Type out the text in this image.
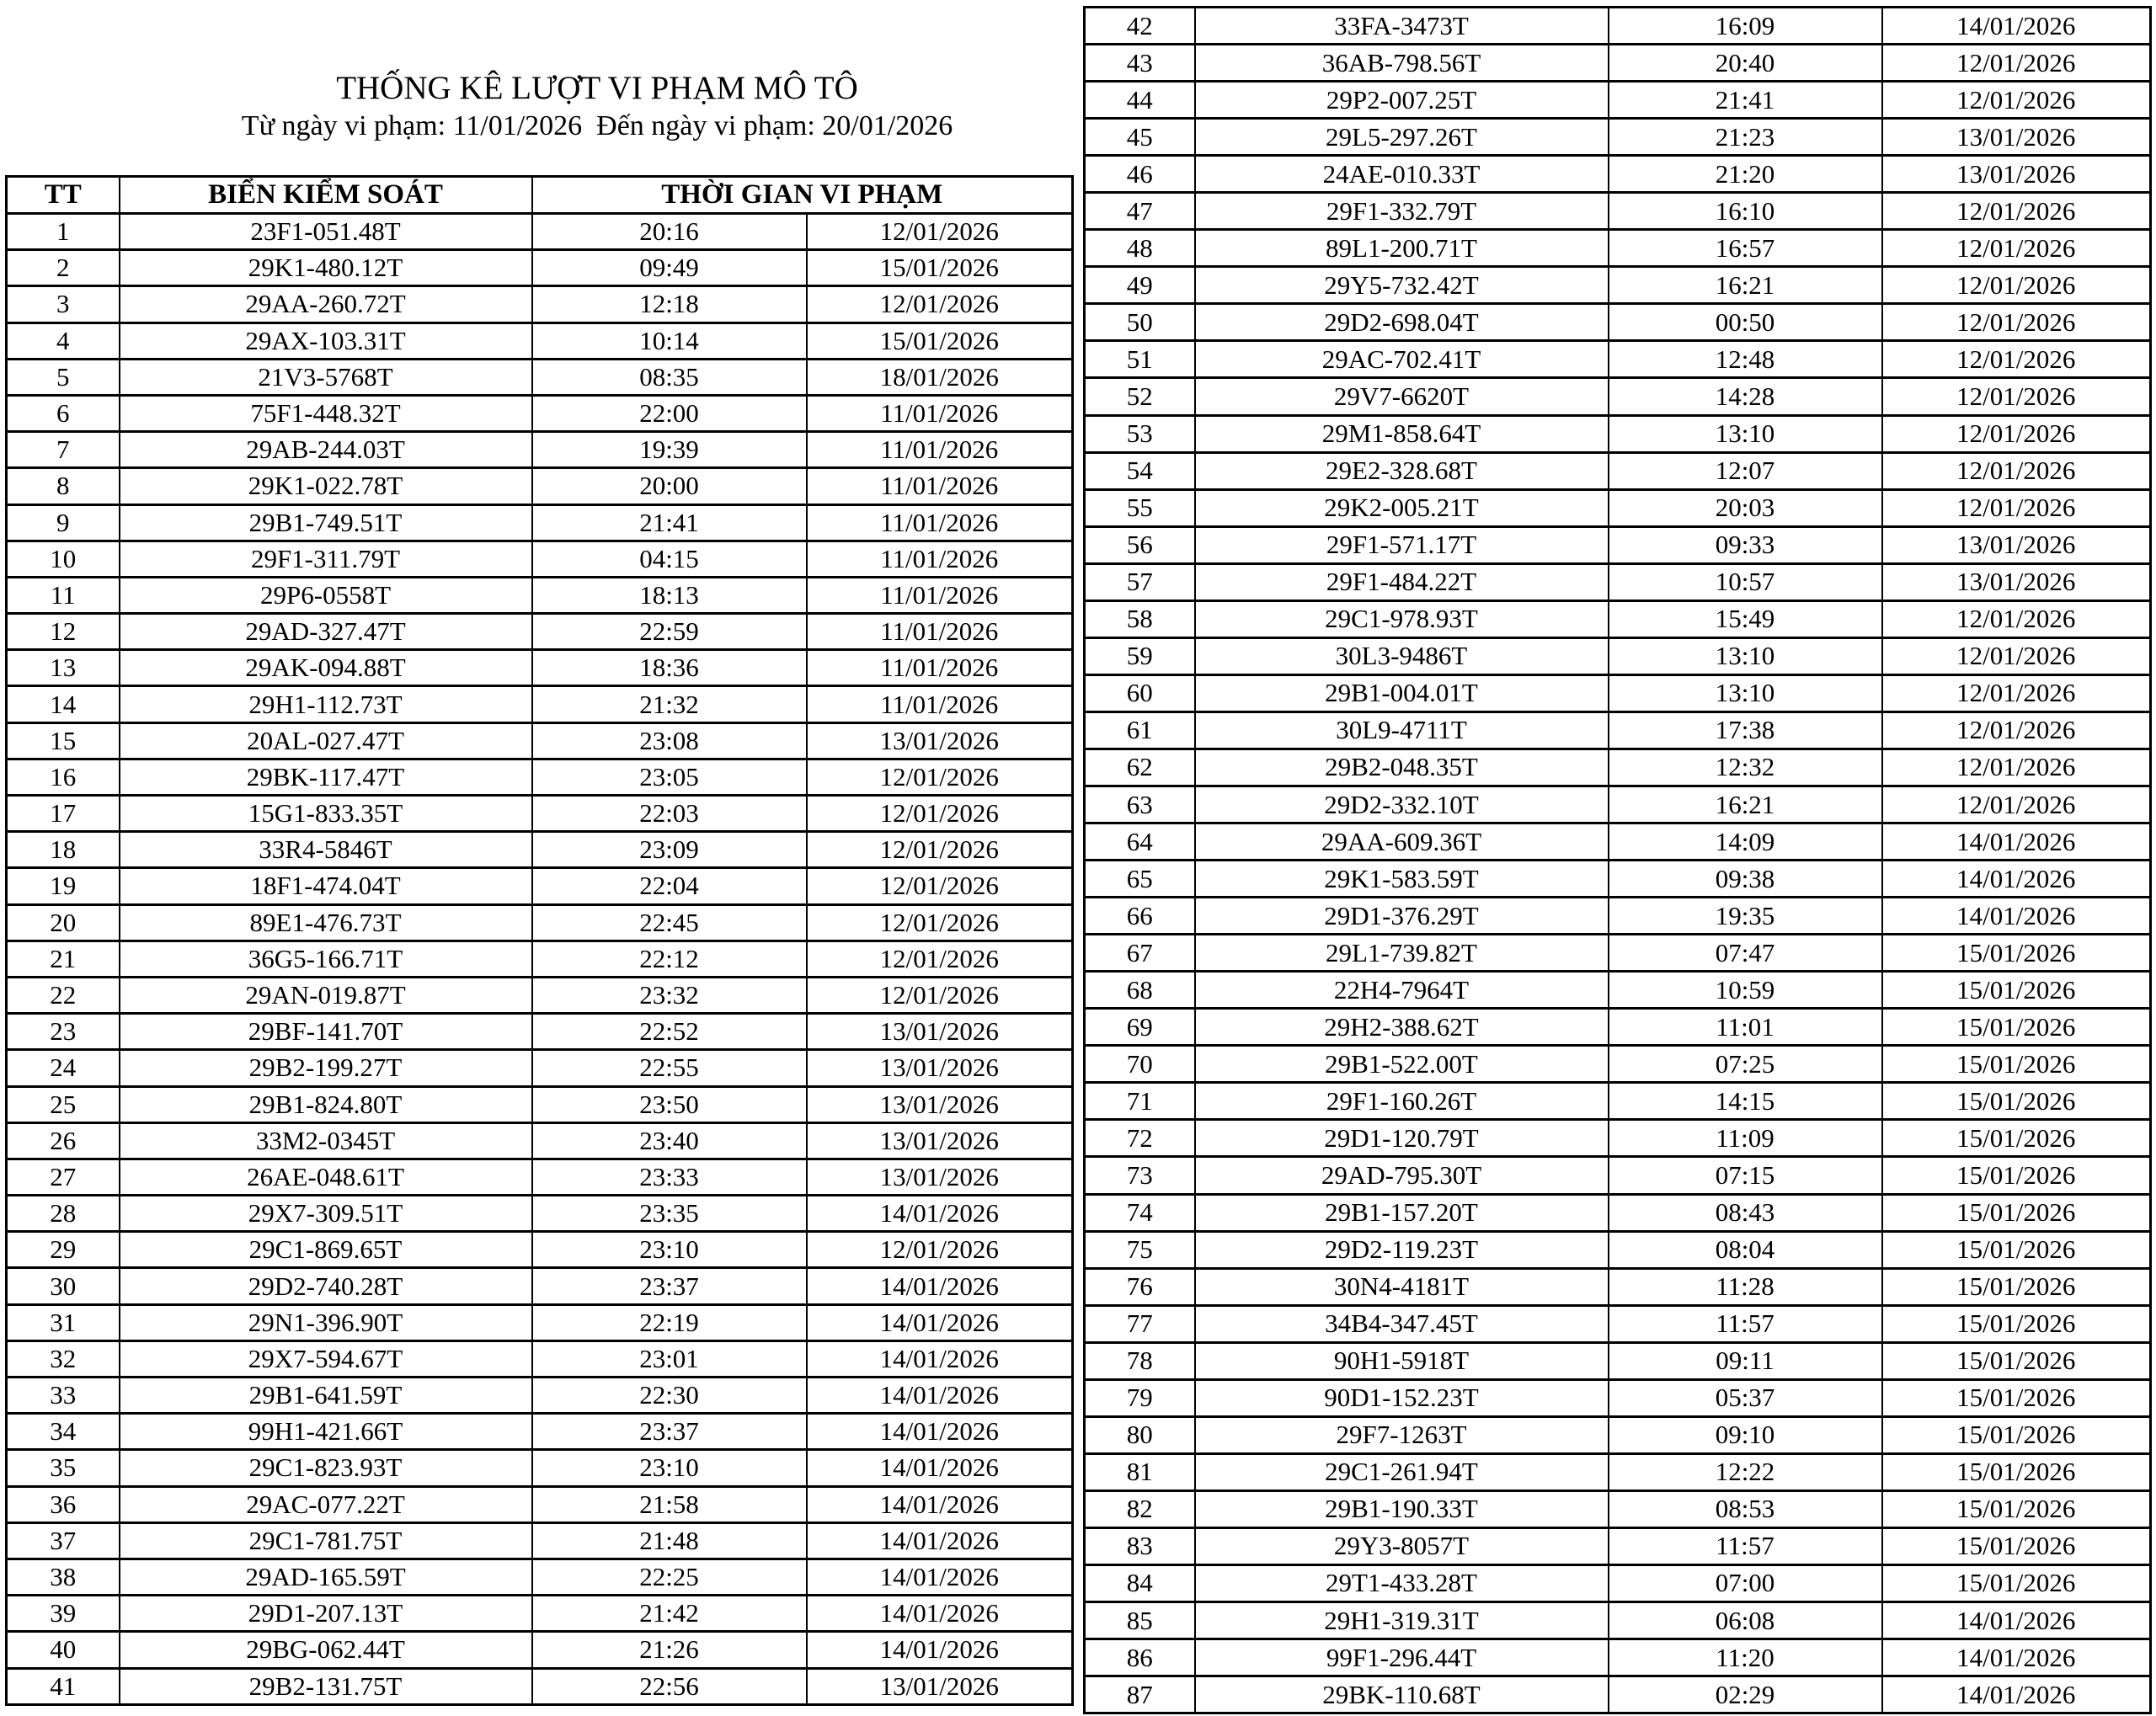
THỐNG KÊ LƯỢT VI PHẠM MÔ TÔ
Từ ngày vi phạm: 11/01/2026  Đến ngày vi phạm: 20/01/2026
TT	BIỂN KIỂM SOÁT	THỜI GIAN VI PHẠM	
1	23F1-051.48T	20:16	12/01/2026
2	29K1-480.12T	09:49	15/01/2026
3	29AA-260.72T	12:18	12/01/2026
4	29AX-103.31T	10:14	15/01/2026
5	21V3-5768T	08:35	18/01/2026
6	75F1-448.32T	22:00	11/01/2026
7	29AB-244.03T	19:39	11/01/2026
8	29K1-022.78T	20:00	11/01/2026
9	29B1-749.51T	21:41	11/01/2026
10	29F1-311.79T	04:15	11/01/2026
11	29P6-0558T	18:13	11/01/2026
12	29AD-327.47T	22:59	11/01/2026
13	29AK-094.88T	18:36	11/01/2026
14	29H1-112.73T	21:32	11/01/2026
15	20AL-027.47T	23:08	13/01/2026
16	29BK-117.47T	23:05	12/01/2026
17	15G1-833.35T	22:03	12/01/2026
18	33R4-5846T	23:09	12/01/2026
19	18F1-474.04T	22:04	12/01/2026
20	89E1-476.73T	22:45	12/01/2026
21	36G5-166.71T	22:12	12/01/2026
22	29AN-019.87T	23:32	12/01/2026
23	29BF-141.70T	22:52	13/01/2026
24	29B2-199.27T	22:55	13/01/2026
25	29B1-824.80T	23:50	13/01/2026
26	33M2-0345T	23:40	13/01/2026
27	26AE-048.61T	23:33	13/01/2026
28	29X7-309.51T	23:35	14/01/2026
29	29C1-869.65T	23:10	12/01/2026
30	29D2-740.28T	23:37	14/01/2026
31	29N1-396.90T	22:19	14/01/2026
32	29X7-594.67T	23:01	14/01/2026
33	29B1-641.59T	22:30	14/01/2026
34	99H1-421.66T	23:37	14/01/2026
35	29C1-823.93T	23:10	14/01/2026
36	29AC-077.22T	21:58	14/01/2026
37	29C1-781.75T	21:48	14/01/2026
38	29AD-165.59T	22:25	14/01/2026
39	29D1-207.13T	21:42	14/01/2026
40	29BG-062.44T	21:26	14/01/2026
41	29B2-131.75T	22:56	13/01/2026
42	33FA-3473T	16:09	14/01/2026
43	36AB-798.56T	20:40	12/01/2026
44	29P2-007.25T	21:41	12/01/2026
45	29L5-297.26T	21:23	13/01/2026
46	24AE-010.33T	21:20	13/01/2026
47	29F1-332.79T	16:10	12/01/2026
48	89L1-200.71T	16:57	12/01/2026
49	29Y5-732.42T	16:21	12/01/2026
50	29D2-698.04T	00:50	12/01/2026
51	29AC-702.41T	12:48	12/01/2026
52	29V7-6620T	14:28	12/01/2026
53	29M1-858.64T	13:10	12/01/2026
54	29E2-328.68T	12:07	12/01/2026
55	29K2-005.21T	20:03	12/01/2026
56	29F1-571.17T	09:33	13/01/2026
57	29F1-484.22T	10:57	13/01/2026
58	29C1-978.93T	15:49	12/01/2026
59	30L3-9486T	13:10	12/01/2026
60	29B1-004.01T	13:10	12/01/2026
61	30L9-4711T	17:38	12/01/2026
62	29B2-048.35T	12:32	12/01/2026
63	29D2-332.10T	16:21	12/01/2026
64	29AA-609.36T	14:09	14/01/2026
65	29K1-583.59T	09:38	14/01/2026
66	29D1-376.29T	19:35	14/01/2026
67	29L1-739.82T	07:47	15/01/2026
68	22H4-7964T	10:59	15/01/2026
69	29H2-388.62T	11:01	15/01/2026
70	29B1-522.00T	07:25	15/01/2026
71	29F1-160.26T	14:15	15/01/2026
72	29D1-120.79T	11:09	15/01/2026
73	29AD-795.30T	07:15	15/01/2026
74	29B1-157.20T	08:43	15/01/2026
75	29D2-119.23T	08:04	15/01/2026
76	30N4-4181T	11:28	15/01/2026
77	34B4-347.45T	11:57	15/01/2026
78	90H1-5918T	09:11	15/01/2026
79	90D1-152.23T	05:37	15/01/2026
80	29F7-1263T	09:10	15/01/2026
81	29C1-261.94T	12:22	15/01/2026
82	29B1-190.33T	08:53	15/01/2026
83	29Y3-8057T	11:57	15/01/2026
84	29T1-433.28T	07:00	15/01/2026
85	29H1-319.31T	06:08	14/01/2026
86	99F1-296.44T	11:20	14/01/2026
87	29BK-110.68T	02:29	14/01/2026
